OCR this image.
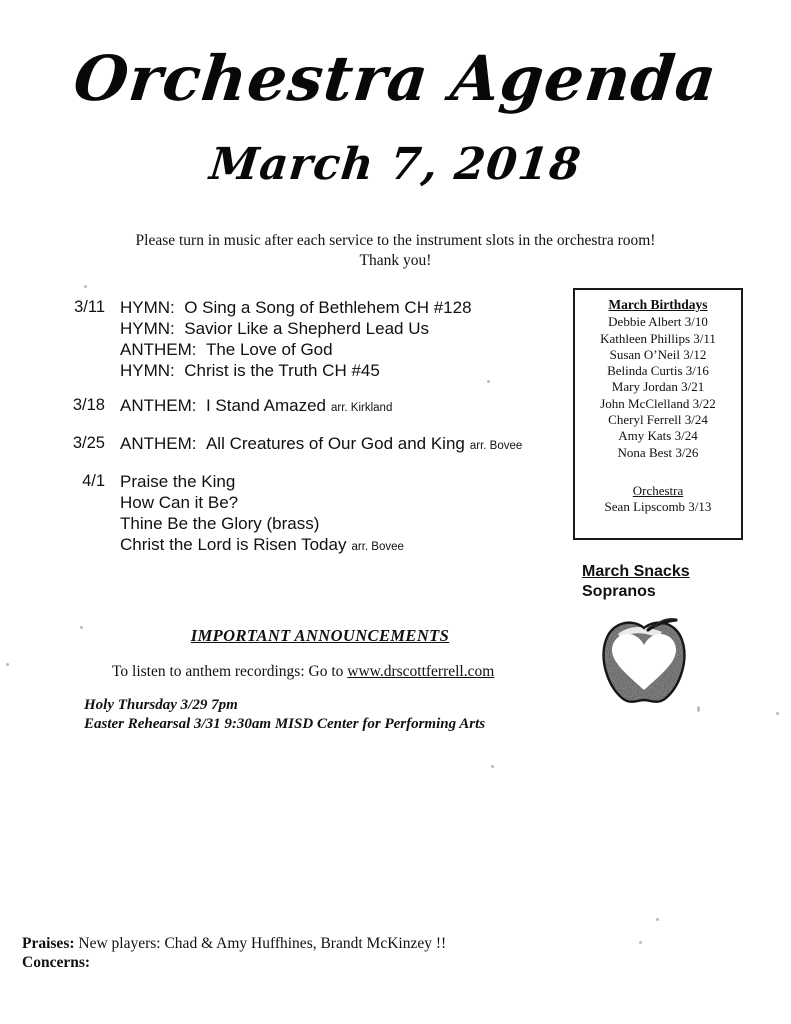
Orchestra Agenda
March 7, 2018
Please turn in music after each service to the instrument slots in the orchestra room!
Thank you!
3/11 HYMN: O Sing a Song of Bethlehem CH #128
HYMN: Savior Like a Shepherd Lead Us
ANTHEM: The Love of God
HYMN: Christ is the Truth CH #45
3/18 ANTHEM: I Stand Amazed arr. Kirkland
3/25 ANTHEM: All Creatures of Our God and King arr. Bovee
4/1 Praise the King
How Can it Be?
Thine Be the Glory (brass)
Christ the Lord is Risen Today arr. Bovee
March Birthdays
Debbie Albert 3/10
Kathleen Phillips 3/11
Susan O’Neil 3/12
Belinda Curtis 3/16
Mary Jordan 3/21
John McClelland 3/22
Cheryl Ferrell 3/24
Amy Kats 3/24
Nona Best 3/26
Orchestra
Sean Lipscomb 3/13
March Snacks
Sopranos
IMPORTANT ANNOUNCEMENTS
To listen to anthem recordings: Go to www.drscottferrell.com
Holy Thursday 3/29 7pm
Easter Rehearsal 3/31 9:30am MISD Center for Performing Arts
Praises: New players: Chad & Amy Huffhines, Brandt McKinzey !!
Concerns:
